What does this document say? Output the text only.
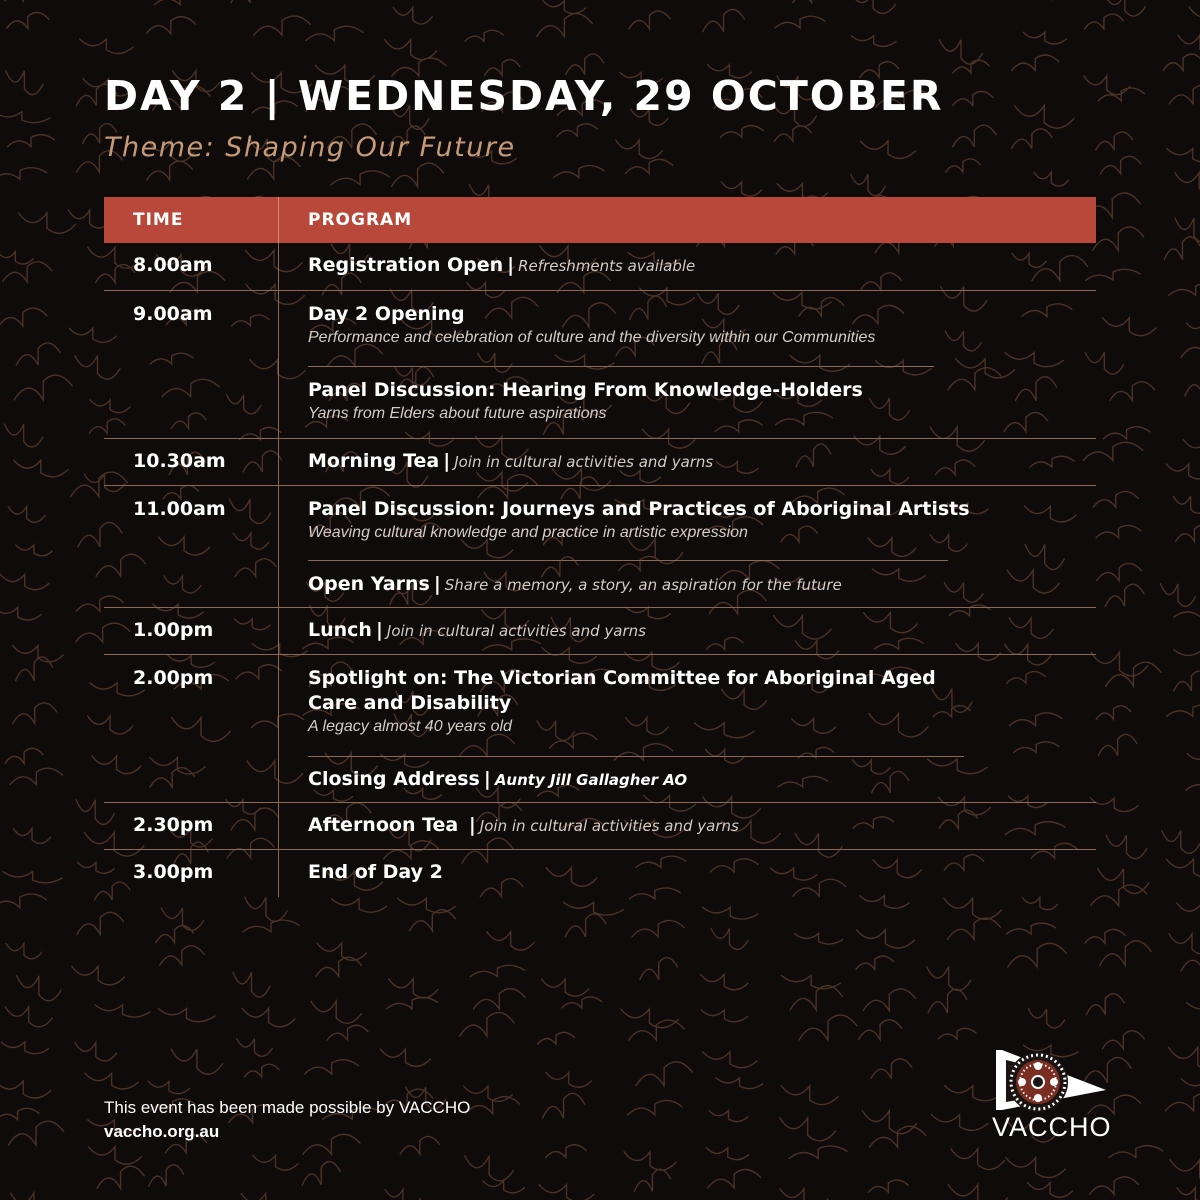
DAY 2 | WEDNESDAY, 29 OCTOBER
Theme: Shaping Our Future
TIME	PROGRAM
8.00am	Registration Open | Refreshments available
9.00am	Day 2 Opening
Performance and celebration of culture and the diversity within our Communities
Panel Discussion: Hearing From Knowledge-Holders
Yarns from Elders about future aspirations
10.30am	Morning Tea | Join in cultural activities and yarns
11.00am	Panel Discussion: Journeys and Practices of Aboriginal Artists
Weaving cultural knowledge and practice in artistic expression
Open Yarns | Share a memory, a story, an aspiration for the future
1.00pm	Lunch | Join in cultural activities and yarns
2.00pm	Spotlight on: The Victorian Committee for Aboriginal Aged Care and Disability
A legacy almost 40 years old
Closing Address | Aunty Jill Gallagher AO
2.30pm	Afternoon Tea | Join in cultural activities and yarns
3.00pm	End of Day 2
This event has been made possible by VACCHO
vaccho.org.au	VACCHO
